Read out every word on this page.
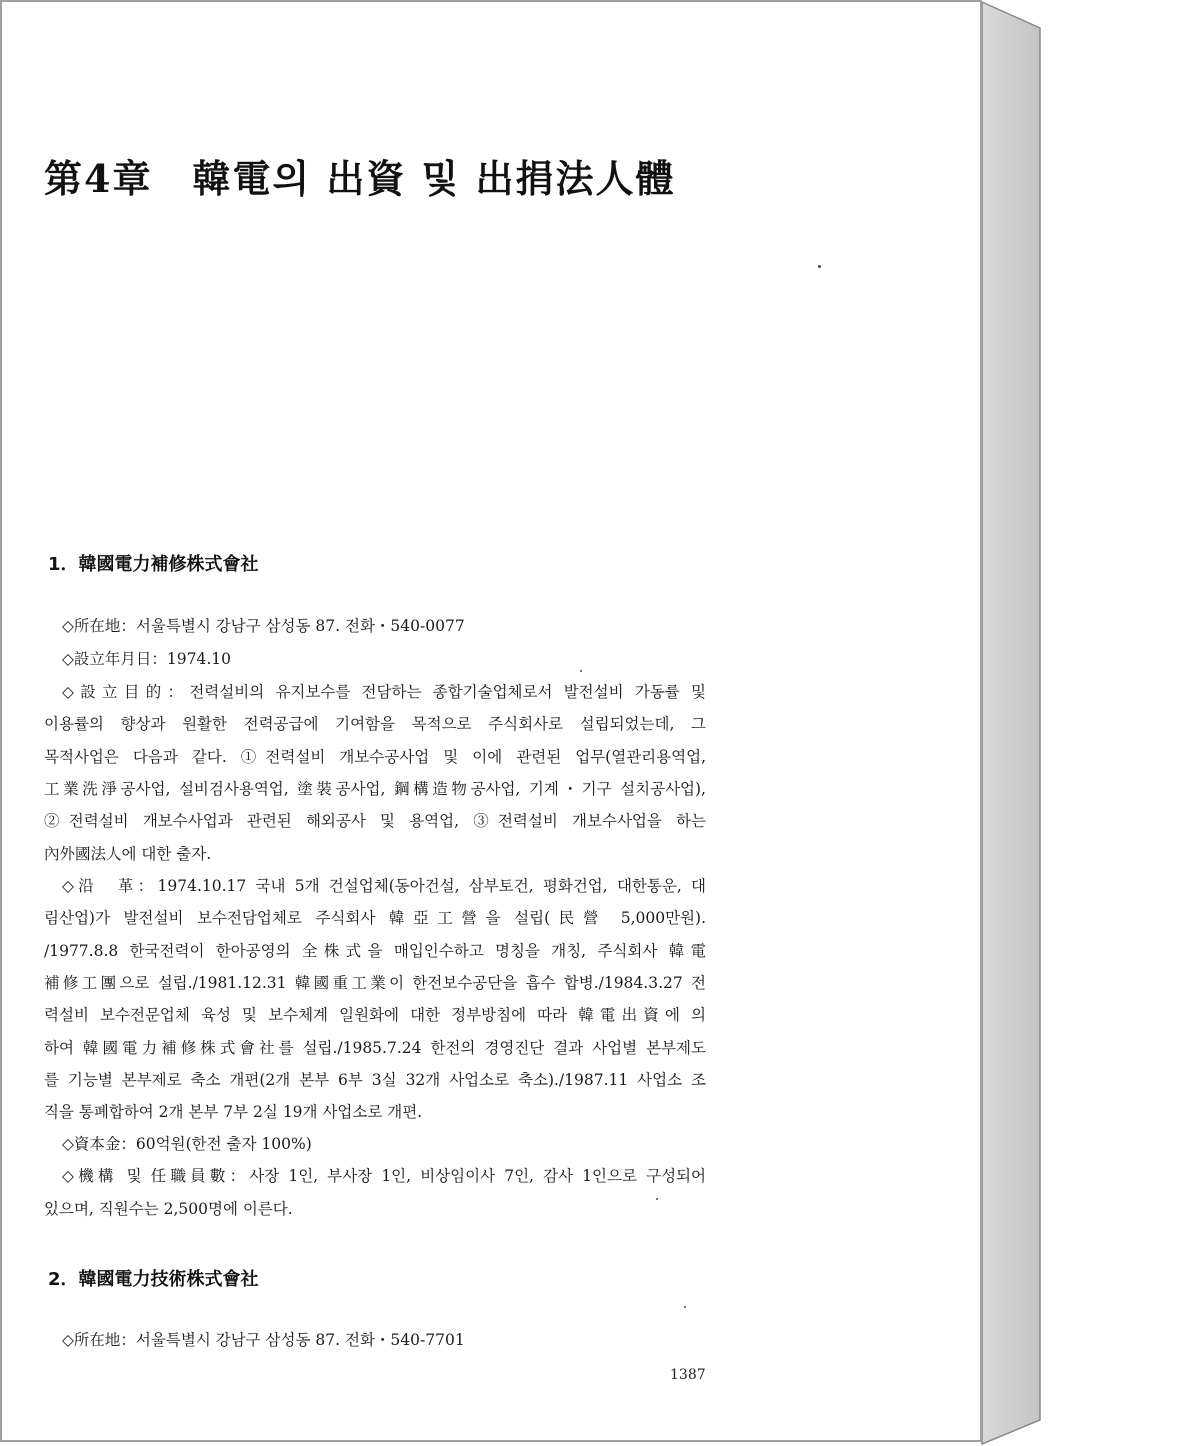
第4章　韓電의 出資 및 出捐法人體
1．韓國電力補修株式會社
◇所在地：서울특별시 강남구 삼성동 87. 전화・540-0077
◇設立年月日：1974.10
◇設立目的：전력설비의 유지보수를 전담하는 종합기술업체로서 발전설비 가동률 및
이용률의 향상과 원활한 전력공급에 기여함을 목적으로 주식회사로 설립되었는데, 그
목적사업은 다음과 같다. ①전력설비 개보수공사업 및 이에 관련된 업무(열관리용역업,
工業洗淨공사업, 설비검사용역업, 塗裝공사업, 鋼構造物공사업, 기계・기구 설치공사업),
②전력설비 개보수사업과 관련된 해외공사 및 용역업, ③전력설비 개보수사업을 하는
內外國法人에 대한 출자.
◇沿　革：1974.10.17 국내 5개 건설업체(동아건설, 삼부토건, 평화건업, 대한통운, 대
림산업)가 발전설비 보수전담업체로 주식회사 韓亞工營을 설립(民營 5,000만원).
/1977.8.8 한국전력이 한아공영의 全株式을 매입인수하고 명칭을 개칭, 주식회사 韓電
補修工團으로 설립./1981.12.31 韓國重工業이 한전보수공단을 흡수 합병./1984.3.27 전
력설비 보수전문업체 육성 및 보수체계 일원화에 대한 정부방침에 따라 韓電出資에 의
하여 韓國電力補修株式會社를 설립./1985.7.24 한전의 경영진단 결과 사업별 본부제도
를 기능별 본부제로 축소 개편(2개 본부 6부 3실 32개 사업소로 축소)./1987.11 사업소 조
직을 통폐합하여 2개 본부 7부 2실 19개 사업소로 개편.
◇資本金：60억원(한전 출자 100%)
◇機構 및 任職員數：사장 1인, 부사장 1인, 비상임이사 7인, 감사 1인으로 구성되어
있으며, 직원수는 2,500명에 이른다.
2．韓國電力技術株式會社
◇所在地：서울특별시 강남구 삼성동 87. 전화・540-7701
1387
